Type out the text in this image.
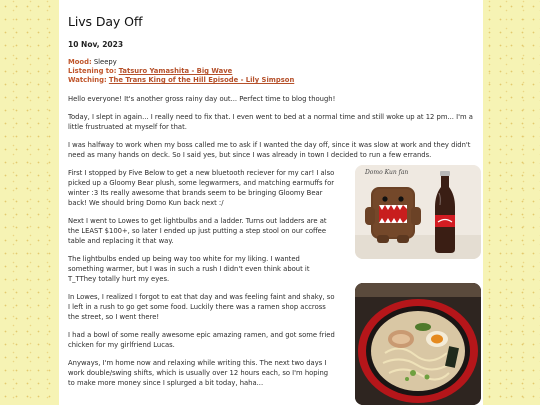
Livs Day Off
10 Nov, 2023
Mood: Sleepy
Listening to: Tatsuro Yamashita - Big Wave
Watching: The Trans King of the Hill Episode - Lily Simpson

Hello everyone! It's another gross rainy day out... Perfect time to blog though!

Today, I slept in again... I really need to fix that. I even went to bed at a normal time and still woke up at 12 pm... I'm a little frustruated at myself for that.

I was halfway to work when my boss called me to ask if I wanted the day off, since it was slow at work and they didn't need as many hands on deck. So I said yes, but since I was already in town I decided to run a few errands.

First I stopped by Five Below to get a new bluetooth reciever for my car! I also picked up a Gloomy Bear plush, some legwarmers, and matching earmuffs for winter :3 Its really awesome that brands seem to be bringing Gloomy Bear back! We should bring Domo Kun back next :/

Next I went to Lowes to get lightbulbs and a ladder. Turns out ladders are at the LEAST $100+, so later I ended up just putting a step stool on our coffee table and replacing it that way.

The lightbulbs ended up being way too white for my liking. I wanted something warmer, but I was in such a rush I didn't even think about it T_TThey totally hurt my eyes.

In Lowes, I realized I forgot to eat that day and was feeling faint and shaky, so I left in a rush to go get some food. Luckily there was a ramen shop accross the street, so I went there!

I had a bowl of some really awesome epic amazing ramen, and got some fried chicken for my girlfriend Lucas.

Anyways, I'm home now and relaxing while writing this. The next two days I work double/swing shifts, which is usually over 12 hours each, so I'm hoping to make more money since I splurged a bit today, haha...

Domo Kun fan
